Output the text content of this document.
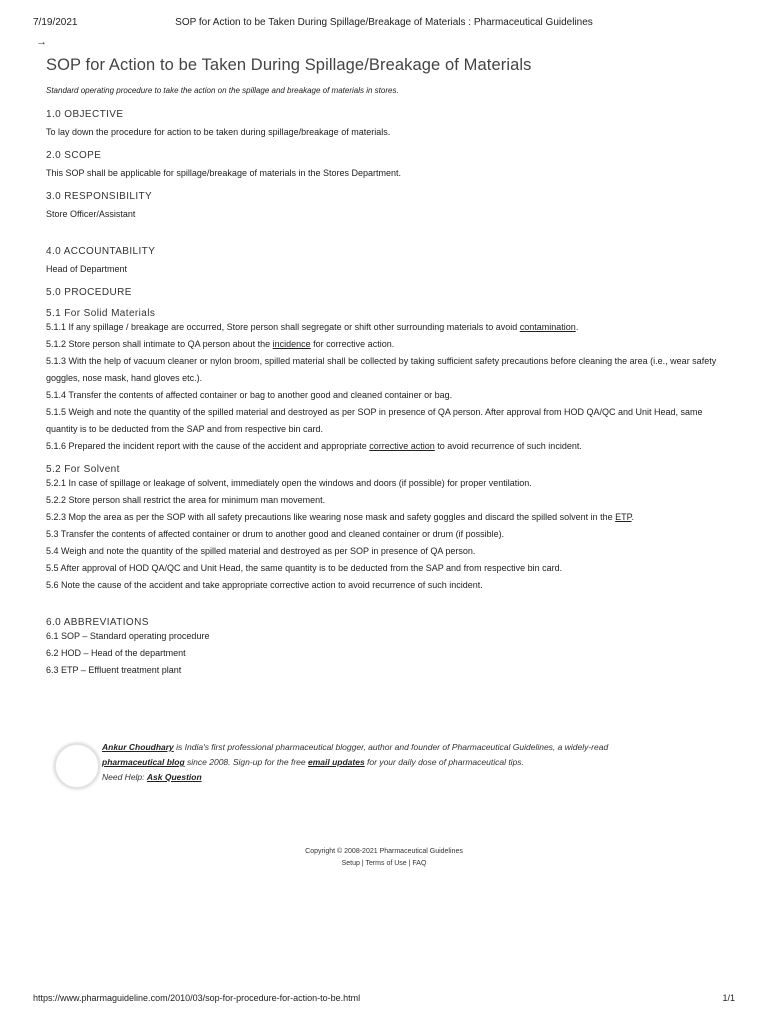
7/19/2021	SOP for Action to be Taken During Spillage/Breakage of Materials : Pharmaceutical Guidelines
→
SOP for Action to be Taken During Spillage/Breakage of Materials

Standard operating procedure to take the action on the spillage and breakage of materials in stores.

1.0 OBJECTIVE

To lay down the procedure for action to be taken during spillage/breakage of materials.

2.0 SCOPE

This SOP shall be applicable for spillage/breakage of materials in the Stores Department.

3.0 RESPONSIBILITY

Store Officer/Assistant

4.0 ACCOUNTABILITY

Head of Department

5.0 PROCEDURE
5.1 For Solid Materials

5.1.1 If any spillage / breakage are occurred, Store person shall segregate or shift other surrounding materials to avoid contamination.

5.1.2 Store person shall intimate to QA person about the incidence for corrective action.

5.1.3 With the help of vacuum cleaner or nylon broom, spilled material shall be collected by taking sufficient safety precautions before cleaning the area (i.e., wear safety goggles, nose mask, hand gloves etc.).

5.1.4 Transfer the contents of affected container or bag to another good and cleaned container or bag.

5.1.5 Weigh and note the quantity of the spilled material and destroyed as per SOP in presence of QA person. After approval from HOD QA/QC and Unit Head, same quantity is to be deducted from the SAP and from respective bin card.

5.1.6 Prepared the incident report with the cause of the accident and appropriate corrective action to avoid recurrence of such incident.

5.2 For Solvent

5.2.1 In case of spillage or leakage of solvent, immediately open the windows and doors (if possible) for proper ventilation.

5.2.2 Store person shall restrict the area for minimum man movement.

5.2.3 Mop the area as per the SOP with all safety precautions like wearing nose mask and safety goggles and discard the spilled solvent in the ETP.

5.3 Transfer the contents of affected container or drum to another good and cleaned container or drum (if possible).

5.4 Weigh and note the quantity of the spilled material and destroyed as per SOP in presence of QA person.

5.5 After approval of HOD QA/QC and Unit Head, the same quantity is to be deducted from the SAP and from respective bin card.

5.6 Note the cause of the accident and take appropriate corrective action to avoid recurrence of such incident.

6.0 ABBREVIATIONS

6.1 SOP – Standard operating procedure

6.2 HOD – Head of the department

6.3 ETP – Effluent treatment plant

Ankur Choudhary is India's first professional pharmaceutical blogger, author and founder of Pharmaceutical Guidelines, a widely-read
pharmaceutical blog since 2008. Sign-up for the free email updates for your daily dose of pharmaceutical tips.
Need Help: Ask Question
Copyright © 2008-2021 Pharmaceutical Guidelines
Setup | Terms of Use | FAQ
https://www.pharmaguideline.com/2010/03/sop-for-procedure-for-action-to-be.html	1/1
